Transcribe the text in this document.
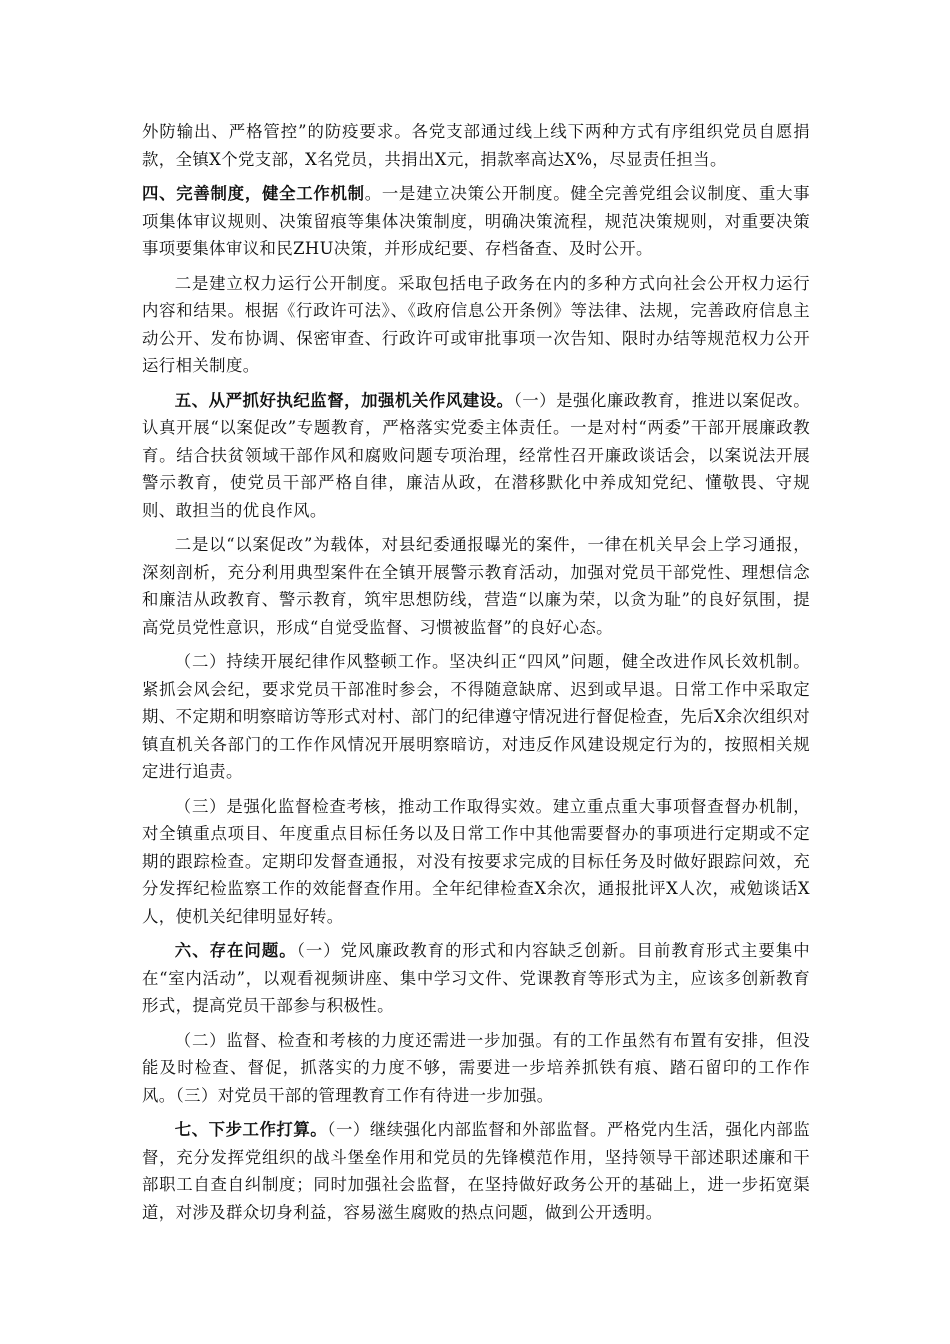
外防输出、严格管控”的防疫要求。各党支部通过线上线下两种方式有序组织党员自愿捐款，全镇X个党支部，X名党员，共捐出X元，捐款率高达X%，尽显责任担当。

四、完善制度，健全工作机制。一是建立决策公开制度。健全完善党组会议制度、重大事项集体审议规则、决策留痕等集体决策制度，明确决策流程，规范决策规则，对重要决策事项要集体审议和民ZHU决策，并形成纪要、存档备查、及时公开。

二是建立权力运行公开制度。采取包括电子政务在内的多种方式向社会公开权力运行内容和结果。根据《行政许可法》、《政府信息公开条例》等法律、法规，完善政府信息主动公开、发布协调、保密审查、行政许可或审批事项一次告知、限时办结等规范权力公开运行相关制度。

五、从严抓好执纪监督，加强机关作风建设。（一）是强化廉政教育，推进以案促改。认真开展“以案促改”专题教育，严格落实党委主体责任。一是对村“两委”干部开展廉政教育。结合扶贫领域干部作风和腐败问题专项治理，经常性召开廉政谈话会，以案说法开展警示教育，使党员干部严格自律，廉洁从政，在潜移默化中养成知党纪、懂敬畏、守规则、敢担当的优良作风。

二是以“以案促改”为载体，对县纪委通报曝光的案件，一律在机关早会上学习通报，深刻剖析，充分利用典型案件在全镇开展警示教育活动，加强对党员干部党性、理想信念和廉洁从政教育、警示教育，筑牢思想防线，营造“以廉为荣，以贪为耻”的良好氛围，提高党员党性意识，形成“自觉受监督、习惯被监督”的良好心态。

（二）持续开展纪律作风整顿工作。坚决纠正“四风”问题，健全改进作风长效机制。紧抓会风会纪，要求党员干部准时参会，不得随意缺席、迟到或早退。日常工作中采取定期、不定期和明察暗访等形式对村、部门的纪律遵守情况进行督促检查，先后X余次组织对镇直机关各部门的工作作风情况开展明察暗访，对违反作风建设规定行为的，按照相关规定进行追责。

（三）是强化监督检查考核，推动工作取得实效。建立重点重大事项督查督办机制，对全镇重点项目、年度重点目标任务以及日常工作中其他需要督办的事项进行定期或不定期的跟踪检查。定期印发督查通报，对没有按要求完成的目标任务及时做好跟踪问效，充分发挥纪检监察工作的效能督查作用。全年纪律检查X余次，通报批评X人次，戒勉谈话X人，使机关纪律明显好转。

六、存在问题。（一）党风廉政教育的形式和内容缺乏创新。目前教育形式主要集中在“室内活动”，以观看视频讲座、集中学习文件、党课教育等形式为主，应该多创新教育形式，提高党员干部参与积极性。

（二）监督、检查和考核的力度还需进一步加强。有的工作虽然有布置有安排，但没能及时检查、督促，抓落实的力度不够，需要进一步培养抓铁有痕、踏石留印的工作作风。（三）对党员干部的管理教育工作有待进一步加强。

七、下步工作打算。（一）继续强化内部监督和外部监督。严格党内生活，强化内部监督，充分发挥党组织的战斗堡垒作用和党员的先锋模范作用，坚持领导干部述职述廉和干部职工自查自纠制度；同时加强社会监督，在坚持做好政务公开的基础上，进一步拓宽渠道，对涉及群众切身利益，容易滋生腐败的热点问题，做到公开透明。
